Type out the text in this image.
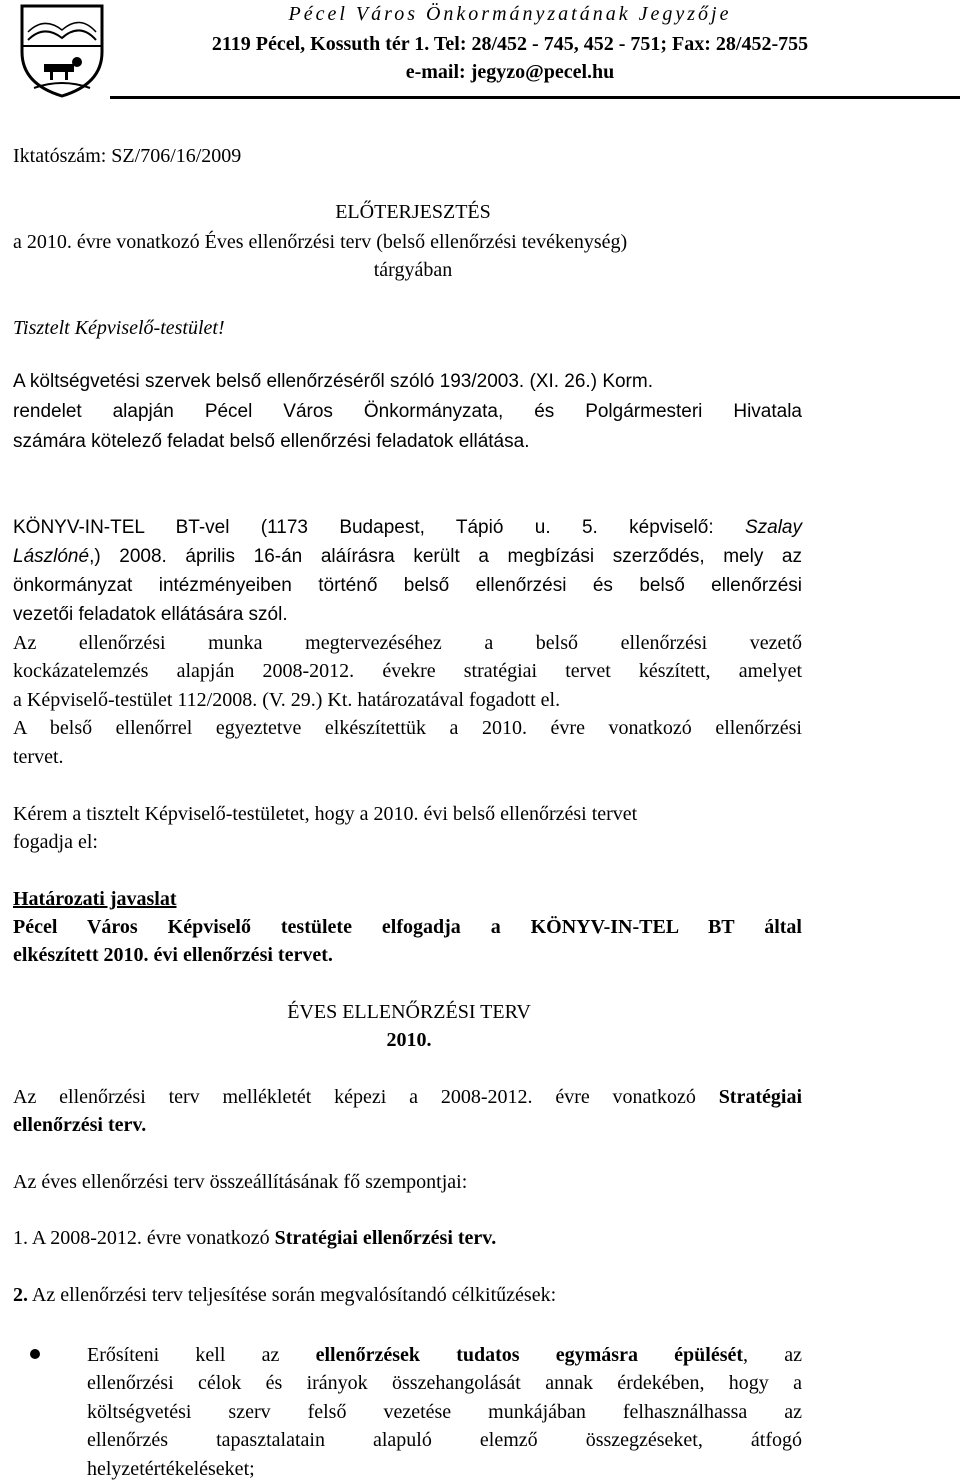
Pécel Város Önkormányzatának Jegyzője
2119 Pécel, Kossuth tér 1. Tel: 28/452 - 745, 452 - 751; Fax: 28/452-755
e-mail: jegyzo@pecel.hu
Iktatószám: SZ/706/16/2009
ELŐTERJESZTÉS
a 2010. évre vonatkozó Éves ellenőrzési terv (belső ellenőrzési tevékenység)
tárgyában
Tisztelt Képviselő-testület!
A költségvetési szervek belső ellenőrzéséről szóló 193/2003. (XI. 26.) Korm.
rendelet alapján Pécel Város Önkormányzata, és Polgármesteri Hivatala
számára kötelező feladat belső ellenőrzési feladatok ellátása.
KÖNYV-IN-TEL BT-vel (1173 Budapest, Tápió u. 5. képviselő: Szalay
Lászlóné,) 2008. április 16-án aláírásra került a megbízási szerződés, mely az
önkormányzat intézményeiben történő belső ellenőrzési és belső ellenőrzési
vezetői feladatok ellátására szól.
Az ellenőrzési munka megtervezéséhez a belső ellenőrzési vezető
kockázatelemzés alapján 2008-2012. évekre stratégiai tervet készített, amelyet
a Képviselő-testület 112/2008. (V. 29.) Kt. határozatával fogadott el.
A belső ellenőrrel egyeztetve elkészítettük a 2010. évre vonatkozó ellenőrzési
tervet.
Kérem a tisztelt Képviselő-testületet, hogy a 2010. évi belső ellenőrzési tervet
fogadja el:
Határozati javaslat
Pécel Város Képviselő testülete elfogadja a KÖNYV-IN-TEL BT által
elkészített 2010. évi ellenőrzési tervet.
ÉVES ELLENŐRZÉSI TERV
2010.
Az ellenőrzési terv mellékletét képezi a 2008-2012. évre vonatkozó Stratégiai
ellenőrzési terv.
Az éves ellenőrzési terv összeállításának fő szempontjai:
1. A 2008-2012. évre vonatkozó Stratégiai ellenőrzési terv.
2. Az ellenőrzési terv teljesítése során megvalósítandó célkitűzések:
Erősíteni kell az ellenőrzések tudatos egymásra épülését, az
ellenőrzési célok és irányok összehangolását annak érdekében, hogy a
költségvetési szerv felső vezetése munkájában felhasználhassa az
ellenőrzés tapasztalatain alapuló elemző összegzéseket, átfogó
helyzetértékeléseket;
